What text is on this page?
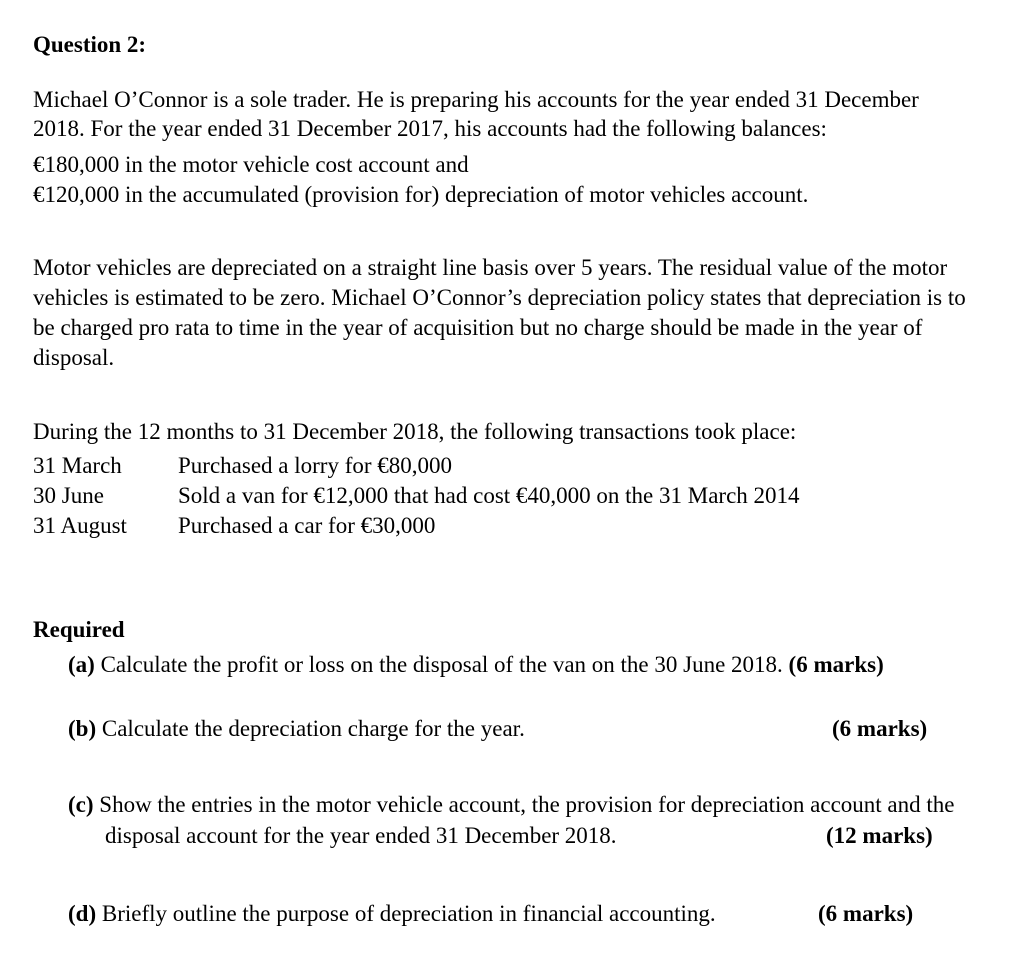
Question 2:
Michael O’Connor is a sole trader. He is preparing his accounts for the year ended 31 December
2018. For the year ended 31 December 2017, his accounts had the following balances:
€180,000 in the motor vehicle cost account and
€120,000 in the accumulated (provision for) depreciation of motor vehicles account.
Motor vehicles are depreciated on a straight line basis over 5 years. The residual value of the motor
vehicles is estimated to be zero. Michael O’Connor’s depreciation policy states that depreciation is to
be charged pro rata to time in the year of acquisition but no charge should be made in the year of
disposal.
During the 12 months to 31 December 2018, the following transactions took place:
31 March Purchased a lorry for €80,000
30 June	Sold a van for €12,000 that had cost €40,000 on the 31 March 2014
31 August Purchased a car for €30,000
Required
(a) Calculate the profit or loss on the disposal of the van on the 30 June 2018. (6 marks)
(b) Calculate the depreciation charge for the year.	(6 marks)
(c) Show the entries in the motor vehicle account, the provision for depreciation account and the
disposal account for the year ended 31 December 2018.	(12 marks)
(d) Briefly outline the purpose of depreciation in financial accounting.	(6 marks)
